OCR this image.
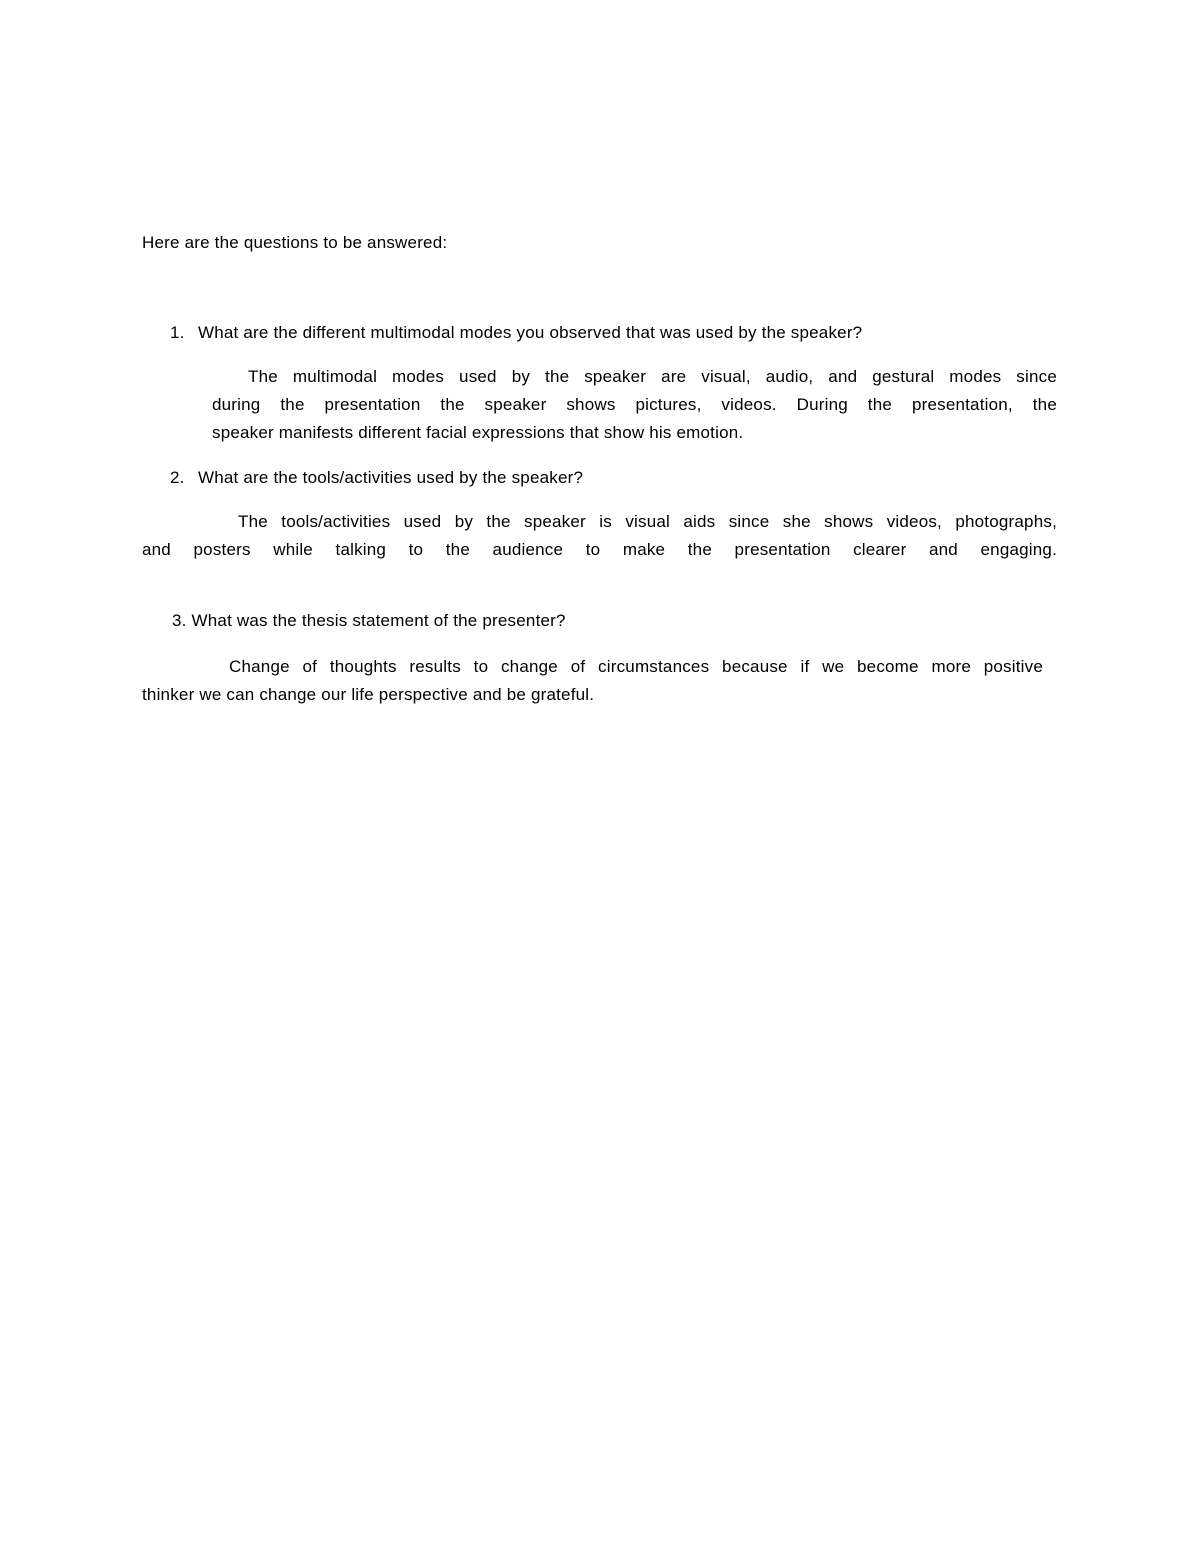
Here are the questions to be answered:
1. What are the different multimodal modes you observed that was used by the speaker?
The multimodal modes used by the speaker are visual, audio, and gestural modes since
during the presentation the speaker shows pictures, videos. During the presentation, the
speaker manifests different facial expressions that show his emotion.
2. What are the tools/activities used by the speaker?
The tools/activities used by the speaker is visual aids since she shows videos, photographs,
and posters while talking to the audience to make the presentation clearer and engaging.
3. What was the thesis statement of the presenter?
Change of thoughts results to change of circumstances because if we become more positive
thinker we can change our life perspective and be grateful.
